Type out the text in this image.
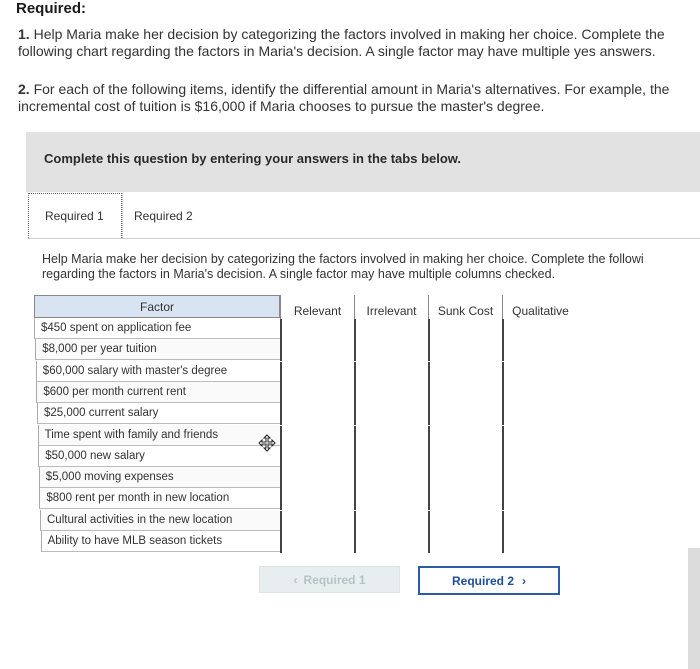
Required:
1. Help Maria make her decision by categorizing the factors involved in making her choice. Complete the following chart regarding the factors in Maria's decision. A single factor may have multiple yes answers.
2. For each of the following items, identify the differential amount in Maria's alternatives. For example, the incremental cost of tuition is $16,000 if Maria chooses to pursue the master's degree.
Complete this question by entering your answers in the tabs below.
Required 1	Required 2
Help Maria make her decision by categorizing the factors involved in making her choice. Complete the followi
regarding the factors in Maria's decision. A single factor may have multiple columns checked.
Factor	Relevant	Irrelevant	Sunk Cost	Qualitative
$450 spent on application fee
$8,000 per year tuition
$60,000 salary with master's degree
$600 per month current rent
$25,000 current salary
Time spent with family and friends
$50,000 new salary
$5,000 moving expenses
$800 rent per month in new location
Cultural activities in the new location
Ability to have MLB season tickets
‹ Required 1	Required 2 ›
